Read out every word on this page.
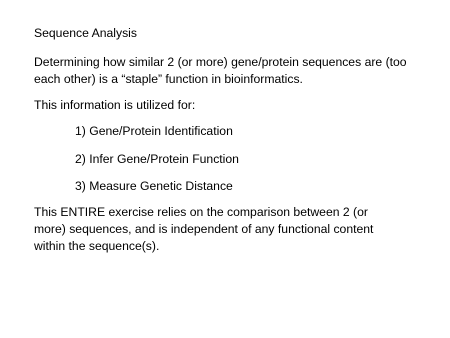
Sequence Analysis

Determining how similar 2 (or more) gene/protein sequences are (too each other) is a “staple” function in bioinformatics.

This information is utilized for:

1) Gene/Protein Identification

2) Infer Gene/Protein Function

3) Measure Genetic Distance

This ENTIRE exercise relies on the comparison between 2 (or more) sequences, and is independent of any functional content within the sequence(s).
